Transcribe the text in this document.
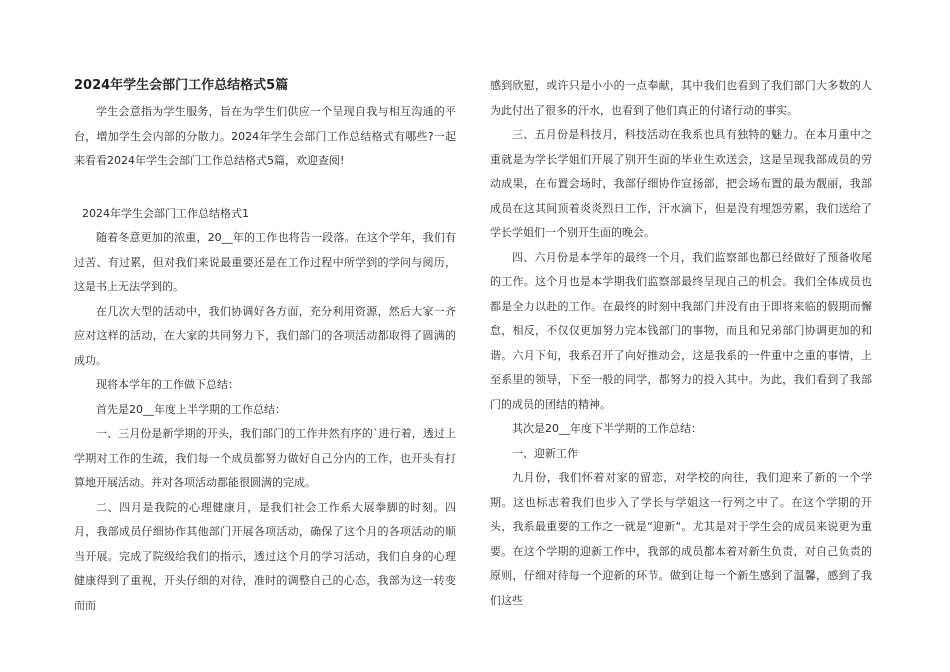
2024年学生会部门工作总结格式5篇

学生会意指为学生服务，旨在为学生们供应一个呈现自我与相互沟通的平台，增加学生会内部的分散力。2024年学生会部门工作总结格式有哪些?一起来看看2024年学生会部门工作总结格式5篇，欢迎查阅!

2024年学生会部门工作总结格式1

随着冬意更加的浓重，20__年的工作也将告一段落。在这个学年，我们有过苦、有过累，但对我们来说最重要还是在工作过程中所学到的学问与阅历，这是书上无法学到的。

在几次大型的活动中，我们协调好各方面，充分利用资源，然后大家一齐应对这样的活动，在大家的共同努力下，我们部门的各项活动都取得了圆满的成功。

现将本学年的工作做下总结：

首先是20__年度上半学期的工作总结：

一、三月份是新学期的开头，我们部门的工作井然有序的`进行着，透过上学期对工作的生疏，我们每一个成员都努力做好自己分内的工作，也开头有打算地开展活动。并对各项活动都能很圆满的完成。

二、四月是我院的心理健康月，是我们社会工作系大展拳脚的时刻。四月，我部成员仔细协作其他部门开展各项活动，确保了这个月的各项活动的顺当开展。完成了院级给我们的指示，透过这个月的学习活动，我们自身的心理健康得到了重视，开头仔细的对待，准时的调整自己的心态，我部为这一转变而而

感到欣慰，或许只是小小的一点奉献，其中我们也看到了我们部门大多数的人为此付出了很多的汗水，也看到了他们真正的付诸行动的事实。

三、五月份是科技月，科技活动在我系也具有独特的魅力。在本月重中之重就是为学长学姐们开展了别开生面的毕业生欢送会，这是呈现我部成员的劳动成果，在布置会场时，我部仔细协作宣扬部，把会场布置的最为靓丽，我部成员在这其间顶着炎炎烈日工作，汗水滴下，但是没有埋怨劳累，我们送给了学长学姐们一个别开生面的晚会。

四、六月份是本学年的最终一个月，我们监察部也都已经做好了预备收尾的工作。这个月也是本学期我们监察部最终呈现自己的机会。我们全体成员也都是全力以赴的工作。在最终的时刻中我部门并没有由于即将来临的假期而懈怠，相反，不仅仅更加努力完本钱部门的事物，而且和兄弟部门协调更加的和谐。六月下旬，我系召开了向好推动会，这是我系的一件重中之重的事情，上至系里的领导，下至一般的同学，都努力的投入其中。为此，我们看到了我部门的成员的团结的精神。

其次是20__年度下半学期的工作总结：

一、迎新工作

九月份，我们怀着对家的留恋，对学校的向往，我们迎来了新的一个学期。这也标志着我们也步入了学长与学姐这一行列之中了。在这个学期的开头，我系最重要的工作之一就是“迎新“。尤其是对于学生会的成员来说更为重要。在这个学期的迎新工作中，我部的成员都本着对新生负责，对自己负责的原则，仔细对待每一个迎新的环节。做到让每一个新生感到了温馨，感到了我们这些
